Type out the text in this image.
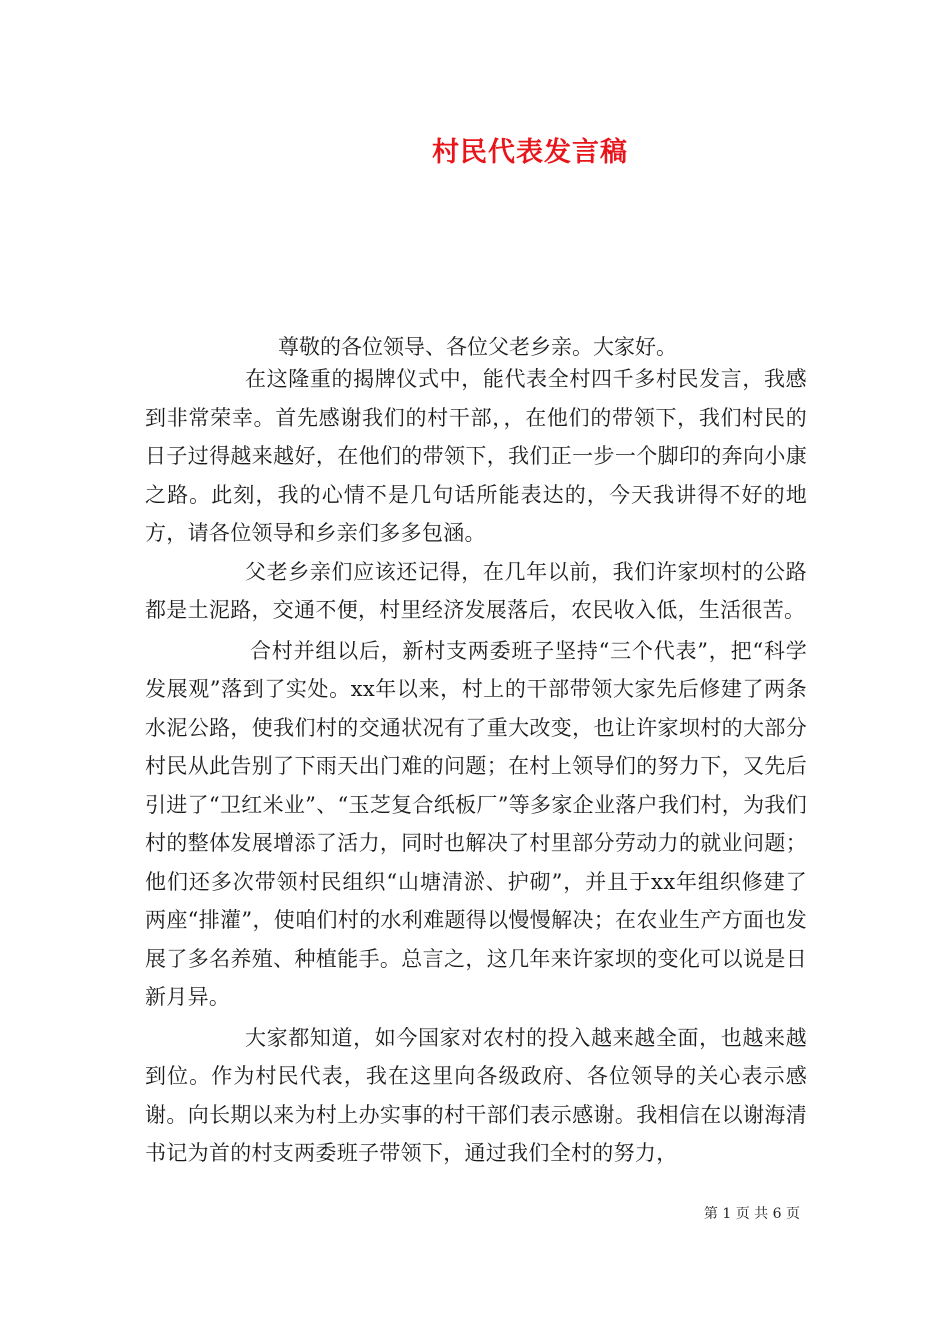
村民代表发言稿

尊敬的各位领导、各位父老乡亲。大家好。

在这隆重的揭牌仪式中，能代表全村四千多村民发言，我感到非常荣幸。首先感谢我们的村干部，，在他们的带领下，我们村民的日子过得越来越好，在他们的带领下，我们正一步一个脚印的奔向小康之路。此刻，我的心情不是几句话所能表达的，今天我讲得不好的地方，请各位领导和乡亲们多多包涵。

父老乡亲们应该还记得，在几年以前，我们许家坝村的公路都是土泥路，交通不便，村里经济发展落后，农民收入低，生活很苦。

合村并组以后，新村支两委班子坚持“三个代表”，把“科学发展观”落到了实处。xx年以来，村上的干部带领大家先后修建了两条水泥公路，使我们村的交通状况有了重大改变，也让许家坝村的大部分村民从此告别了下雨天出门难的问题；在村上领导们的努力下，又先后引进了“卫红米业”、“玉芝复合纸板厂”等多家企业落户我们村，为我们村的整体发展增添了活力，同时也解决了村里部分劳动力的就业问题；他们还多次带领村民组织“山塘清淤、护砌”，并且于xx年组织修建了两座“排灌”，使咱们村的水利难题得以慢慢解决；在农业生产方面也发展了多名养殖、种植能手。总言之，这几年来许家坝的变化可以说是日新月异。

大家都知道，如今国家对农村的投入越来越全面，也越来越到位。作为村民代表，我在这里向各级政府、各位领导的关心表示感谢。向长期以来为村上办实事的村干部们表示感谢。我相信在以谢海清书记为首的村支两委班子带领下，通过我们全村的努力，

第 1 页 共 6 页
